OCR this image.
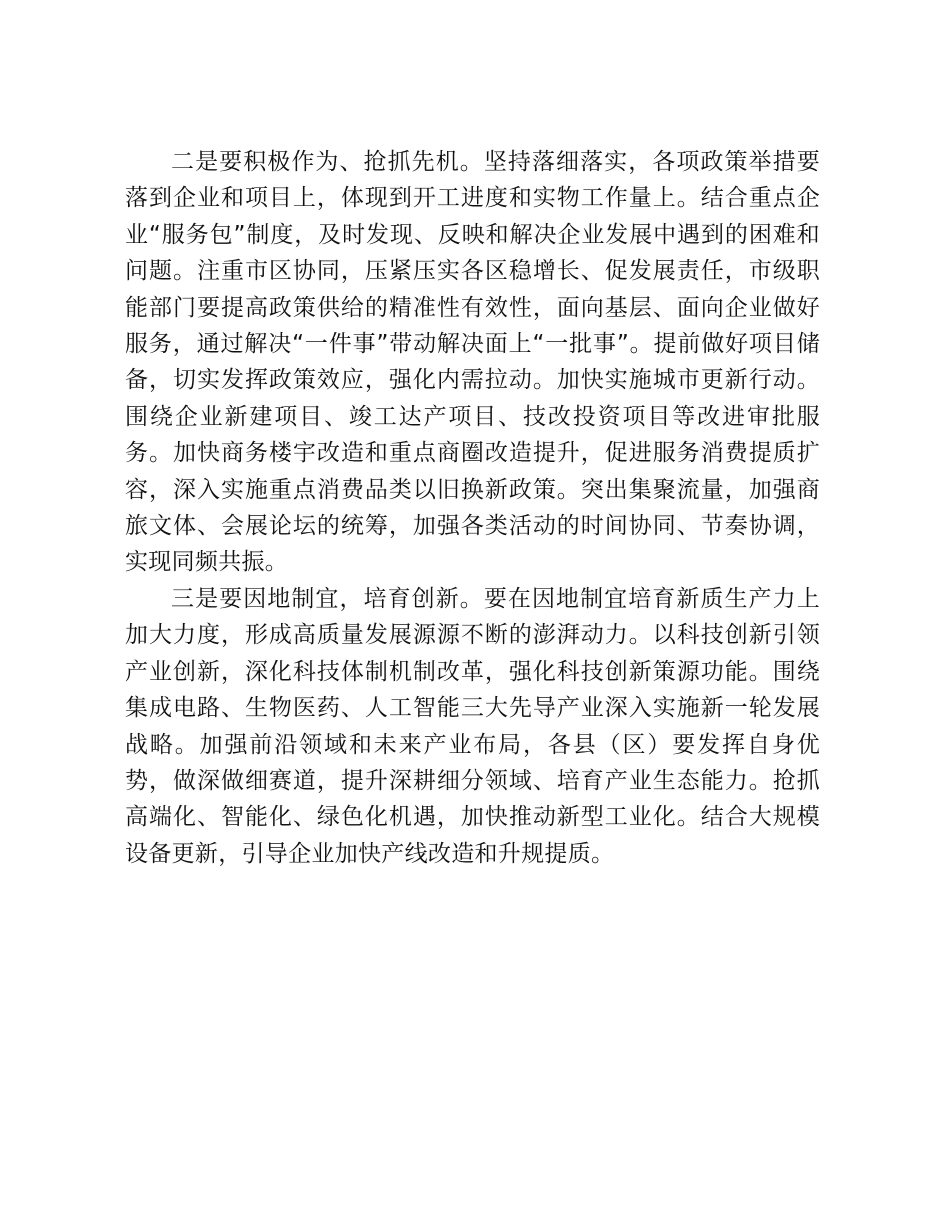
二是要积极作为、抢抓先机。坚持落细落实，各项政策举措要落到企业和项目上，体现到开工进度和实物工作量上。结合重点企业“服务包”制度，及时发现、反映和解决企业发展中遇到的困难和问题。注重市区协同，压紧压实各区稳增长、促发展责任，市级职能部门要提高政策供给的精准性有效性，面向基层、面向企业做好服务，通过解决“一件事”带动解决面上“一批事”。提前做好项目储备，切实发挥政策效应，强化内需拉动。加快实施城市更新行动。围绕企业新建项目、竣工达产项目、技改投资项目等改进审批服务。加快商务楼宇改造和重点商圈改造提升，促进服务消费提质扩容，深入实施重点消费品类以旧换新政策。突出集聚流量，加强商旅文体、会展论坛的统筹，加强各类活动的时间协同、节奏协调，实现同频共振。

三是要因地制宜，培育创新。要在因地制宜培育新质生产力上加大力度，形成高质量发展源源不断的澎湃动力。以科技创新引领产业创新，深化科技体制机制改革，强化科技创新策源功能。围绕集成电路、生物医药、人工智能三大先导产业深入实施新一轮发展战略。加强前沿领域和未来产业布局，各县（区）要发挥自身优势，做深做细赛道，提升深耕细分领域、培育产业生态能力。抢抓高端化、智能化、绿色化机遇，加快推动新型工业化。结合大规模设备更新，引导企业加快产线改造和升规提质。
